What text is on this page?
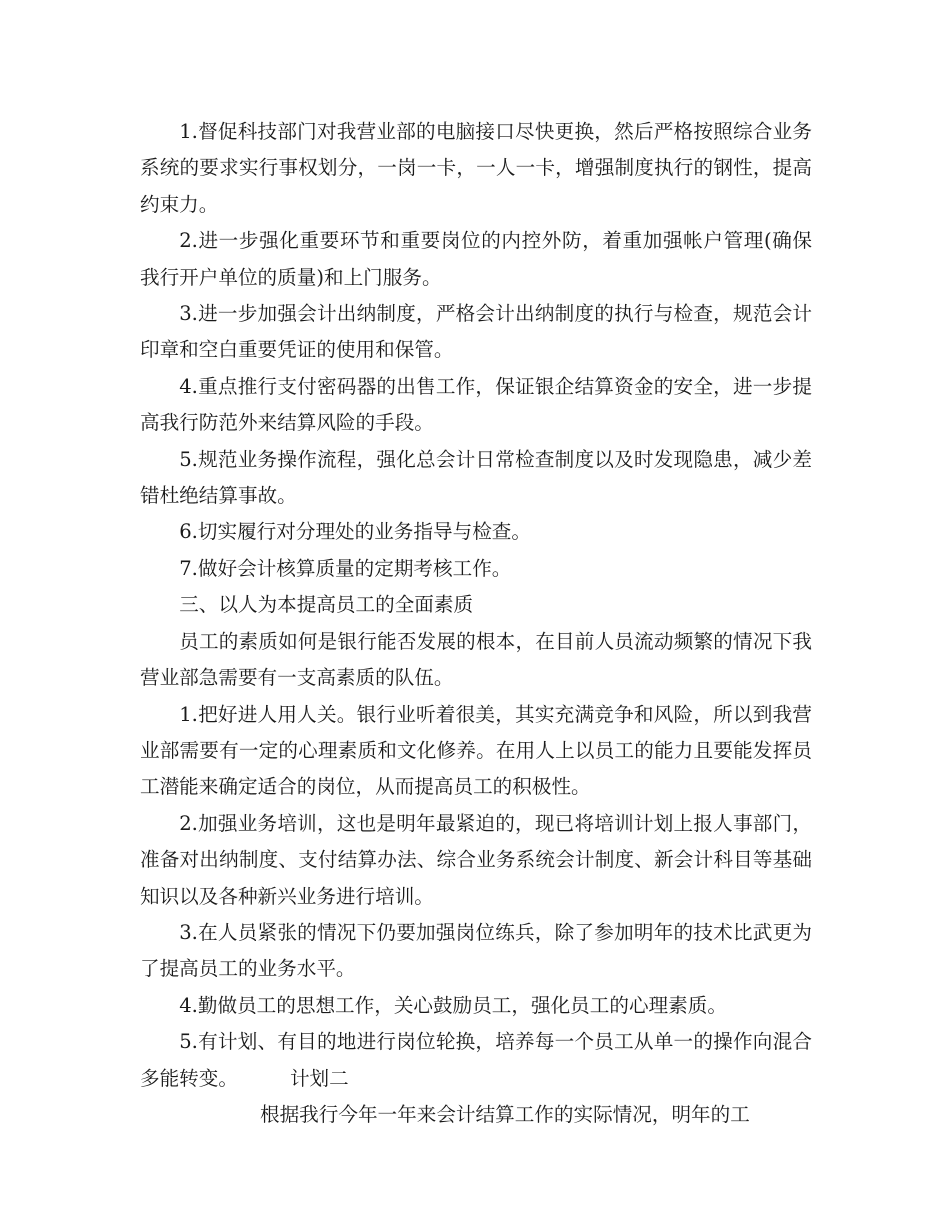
1.督促科技部门对我营业部的电脑接口尽快更换，然后严格按照综合业务系统的要求实行事权划分，一岗一卡，一人一卡，增强制度执行的钢性，提高约束力。

2.进一步强化重要环节和重要岗位的内控外防，着重加强帐户管理(确保我行开户单位的质量)和上门服务。

3.进一步加强会计出纳制度，严格会计出纳制度的执行与检查，规范会计印章和空白重要凭证的使用和保管。

4.重点推行支付密码器的出售工作，保证银企结算资金的安全，进一步提高我行防范外来结算风险的手段。

5.规范业务操作流程，强化总会计日常检查制度以及时发现隐患，减少差错杜绝结算事故。

6.切实履行对分理处的业务指导与检查。

7.做好会计核算质量的定期考核工作。

三、以人为本提高员工的全面素质

员工的素质如何是银行能否发展的根本，在目前人员流动频繁的情况下我营业部急需要有一支高素质的队伍。

1.把好进人用人关。银行业听着很美，其实充满竞争和风险，所以到我营业部需要有一定的心理素质和文化修养。在用人上以员工的能力且要能发挥员工潜能来确定适合的岗位，从而提高员工的积极性。

2.加强业务培训，这也是明年最紧迫的，现已将培训计划上报人事部门，准备对出纳制度、支付结算办法、综合业务系统会计制度、新会计科目等基础知识以及各种新兴业务进行培训。

3.在人员紧张的情况下仍要加强岗位练兵，除了参加明年的技术比武更为了提高员工的业务水平。

4.勤做员工的思想工作，关心鼓励员工，强化员工的心理素质。

5.有计划、有目的地进行岗位轮换，培养每一个员工从单一的操作向混合多能转变。	计划二

根据我行今年一年来会计结算工作的实际情况，明年的工
